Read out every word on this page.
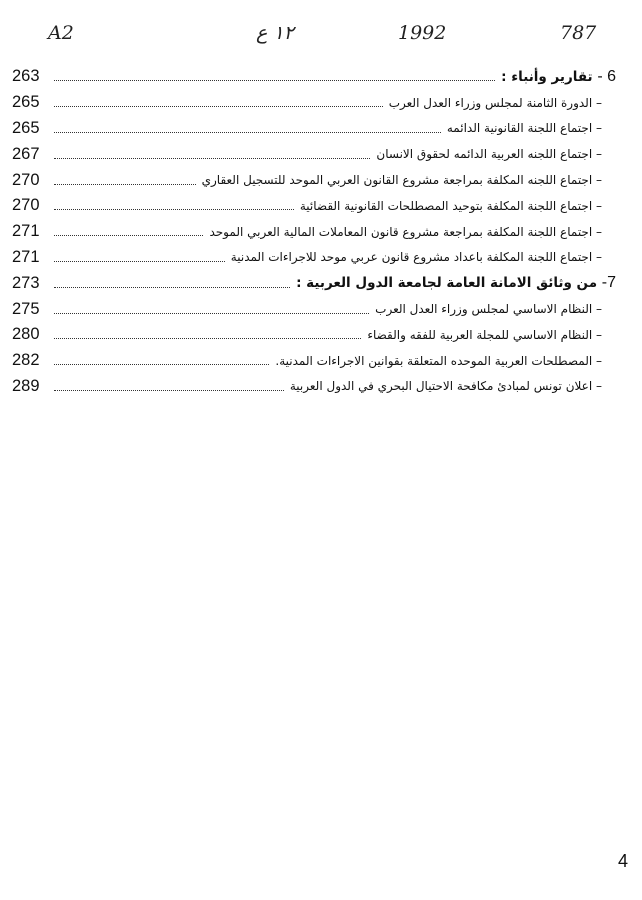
A2	١٢ ع	1992	787
263	6 - تقارير وأنباء :
265	– الدورة الثامنة لمجلس وزراء العدل العرب
265	– اجتماع اللجنة القانونية الدائمه
267	– اجتماع اللجنه العربية الدائمه لحقوق الانسان
270	– اجتماع اللجنه المكلفة بمراجعة مشروع القانون العربي الموحد للتسجيل العقاري
270	– اجتماع اللجنة المكلفة بتوحيد المصطلحات القانونية القضائية
271	– اجتماع اللجنة المكلفة بمراجعة مشروع قانون المعاملات المالية العربي الموحد
271	– اجتماع اللجنة المكلفة باعداد مشروع قانون عربي موحد للاجراءات المدنية
273	7- من وثائق الامانة العامة لجامعة الدول العربية :
275	– النظام الاساسي لمجلس وزراء العدل العرب
280	– النظام الاساسي للمجلة العربية للفقه والقضاء
282	– المصطلحات العربية الموحده المتعلقة بقوانين الاجراءات المدنية.
289	– اعلان تونس لمبادئ مكافحة الاحتيال البحري في الدول العربية
4
